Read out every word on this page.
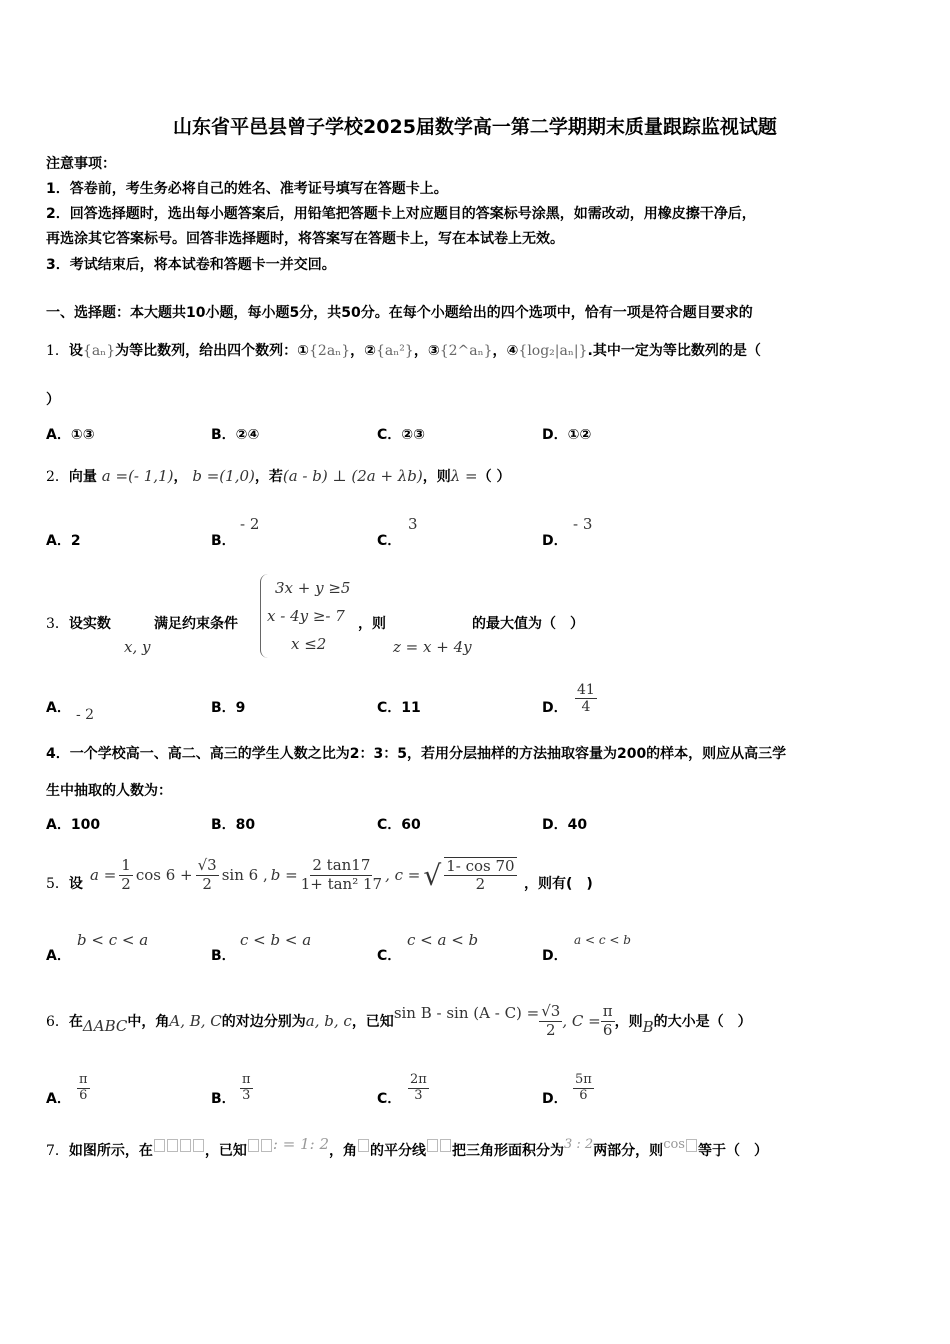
山东省平邑县曾子学校2025届数学高一第二学期期末质量跟踪监视试题
注意事项：
1．答卷前，考生务必将自己的姓名、准考证号填写在答题卡上。
2．回答选择题时，选出每小题答案后，用铅笔把答题卡上对应题目的答案标号涂黑，如需改动，用橡皮擦干净后，
再选涂其它答案标号。回答非选择题时，将答案写在答题卡上，写在本试卷上无效。
3．考试结束后，将本试卷和答题卡一并交回。
一、选择题：本大题共10小题，每小题5分，共50分。在每个小题给出的四个选项中，恰有一项是符合题目要求的
1．设{aₙ}为等比数列，给出四个数列：①{2aₙ}，②{aₙ²}，③{2^aₙ}，④{log₂|aₙ|}.其中一定为等比数列的是（
）
A．①③	B．②④	C．②③	D．①②
2．向量 a =(- 1,1)， b =(1,0)，若(a - b) ⊥ (2a + λb)，则λ =（ ）
A．2	B．
- 2
C．
3
D．
- 3
3．设实数	满足约束条件
x, y
3x + y ≥5
x - 4y ≥- 7
x ≤2
，则
z = x + 4y
的最大值为（　）
A． - 2	B．9	C．11	D． $\frac{41}{4}$
4．一个学校高一、高二、高三的学生人数之比为2：3：5，若用分层抽样的方法抽取容量为200的样本，则应从高三学
生中抽取的人数为：
A．100	B．80	C．60	D．40
5．设 $a = \frac{1}{2}$ $\cos 6 + \frac{√3}{2}$ sin 6 , $b = \frac{2 \tan 17}{\text{1+ tan² 17}}$ , c = √ $\frac{1- \cos 70}{2}$ ，则有(　)
A．
b < c < a
B．
c < b < a
C．
c < a < b
D．
a < c < b
6． 在 ΔABC 中，角 A, B, C 的对边分别为 a, b, c ，已知 $\sin B - \sin (A - C) = \frac{√3}{2}$ , $C = \frac{\pi}{6}$ ，则 B 的大小是（　）
A． $\frac{\pi}{6}$	B． $\frac{\pi}{3}$	C． $\frac{2\pi}{3}$	D． $\frac{5\pi}{6}$
7． 如图所示，在	，已知 : = 1: 2 ，角 的平分线 把三角形面积分为 3 : 2 两部分，则 cos 等于（　）
